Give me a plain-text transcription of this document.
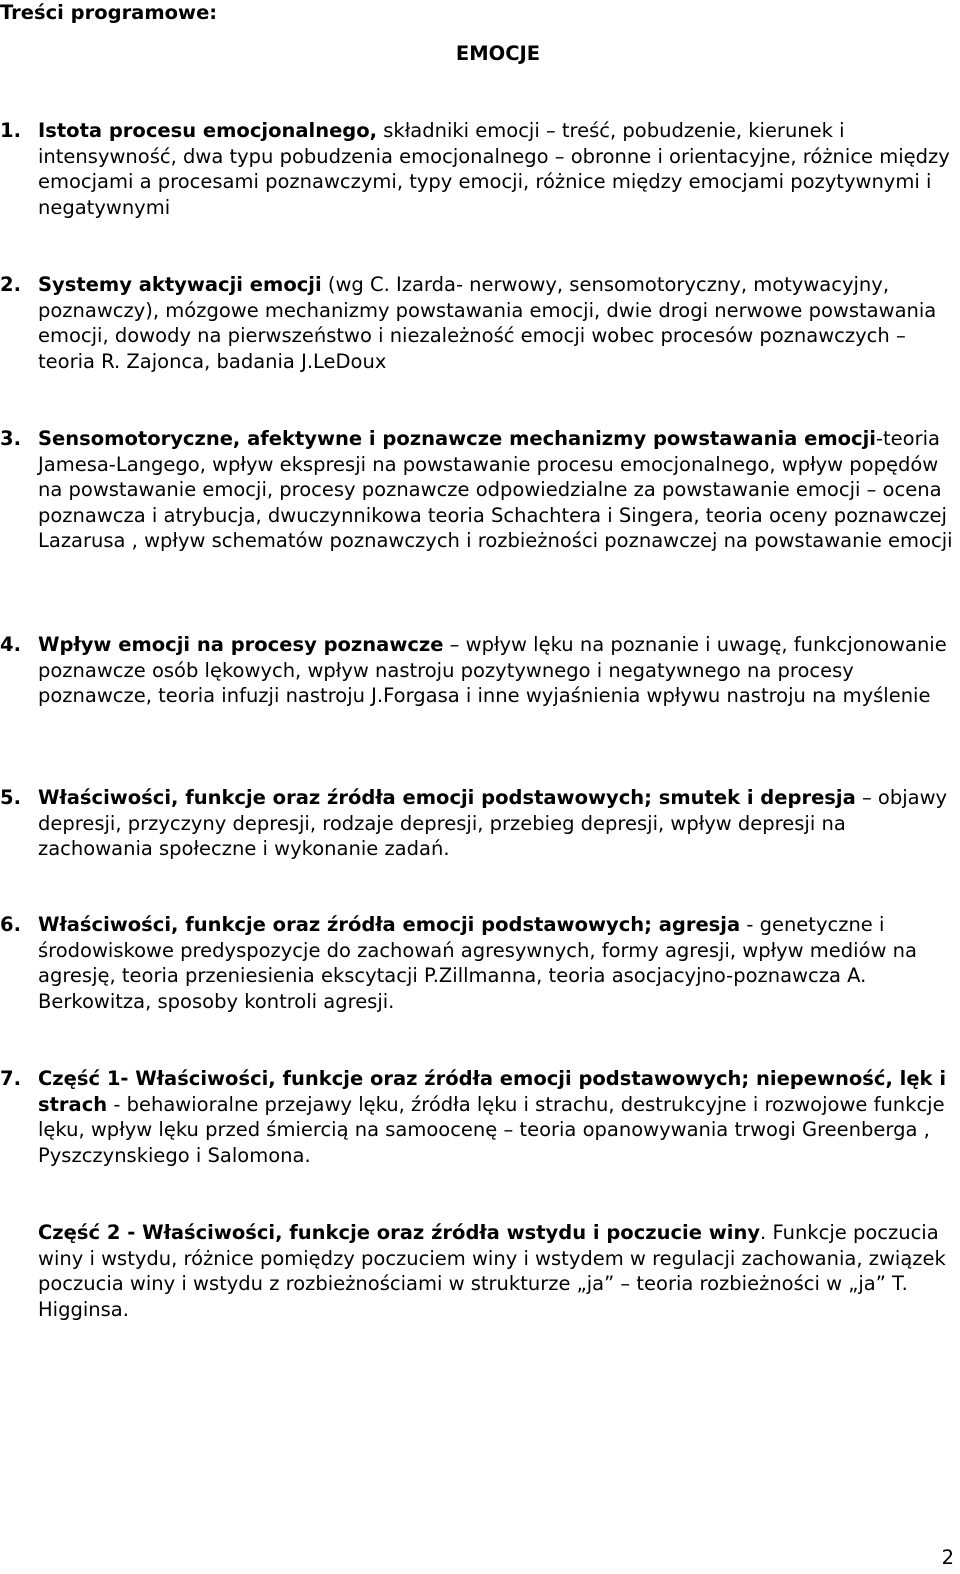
Treści programowe:
EMOCJE
1. Istota procesu emocjonalnego, składniki emocji – treść, pobudzenie, kierunek i intensywność, dwa typu pobudzenia emocjonalnego – obronne i orientacyjne, różnice między emocjami a procesami poznawczymi, typy emocji, różnice między emocjami pozytywnymi i negatywnymi
2. Systemy aktywacji emocji (wg C. Izarda- nerwowy, sensomotoryczny, motywacyjny, poznawczy), mózgowe mechanizmy powstawania emocji, dwie drogi nerwowe powstawania emocji, dowody na pierwszeństwo i niezależność emocji wobec procesów poznawczych – teoria R. Zajonca, badania J.LeDoux
3. Sensomotoryczne, afektywne i poznawcze mechanizmy powstawania emocji-teoria Jamesa-Langego, wpływ ekspresji na powstawanie procesu emocjonalnego, wpływ popędów na powstawanie emocji, procesy poznawcze odpowiedzialne za powstawanie emocji – ocena poznawcza i atrybucja, dwuczynnikowa teoria Schachtera i Singera, teoria oceny poznawczej Lazarusa , wpływ schematów poznawczych i rozbieżności poznawczej na powstawanie emocji
4. Wpływ emocji na procesy poznawcze – wpływ lęku na poznanie i uwagę, funkcjonowanie poznawcze osób lękowych, wpływ nastroju pozytywnego i negatywnego na procesy poznawcze, teoria infuzji nastroju J.Forgasa i inne wyjaśnienia wpływu nastroju na myślenie
5. Właściwości, funkcje oraz źródła emocji podstawowych; smutek i depresja – objawy depresji, przyczyny depresji, rodzaje depresji, przebieg depresji, wpływ depresji na zachowania społeczne i wykonanie zadań.
6. Właściwości, funkcje oraz źródła emocji podstawowych; agresja - genetyczne i środowiskowe predyspozycje do zachowań agresywnych, formy agresji, wpływ mediów na agresję, teoria przeniesienia ekscytacji P.Zillmanna, teoria asocjacyjno-poznawcza A. Berkowitza, sposoby kontroli agresji.
7. Część 1- Właściwości, funkcje oraz źródła emocji podstawowych; niepewność, lęk i strach - behawioralne przejawy lęku, źródła lęku i strachu, destrukcyjne i rozwojowe funkcje lęku, wpływ lęku przed śmiercią na samoocenę – teoria opanowywania trwogi Greenberga , Pyszczynskiego i Salomona.
Część 2 - Właściwości, funkcje oraz źródła wstydu i poczucie winy. Funkcje poczucia winy i wstydu, różnice pomiędzy poczuciem winy i wstydem w regulacji zachowania, związek poczucia winy i wstydu z rozbieżnościami w strukturze „ja” – teoria rozbieżności w „ja” T. Higginsa.
2
